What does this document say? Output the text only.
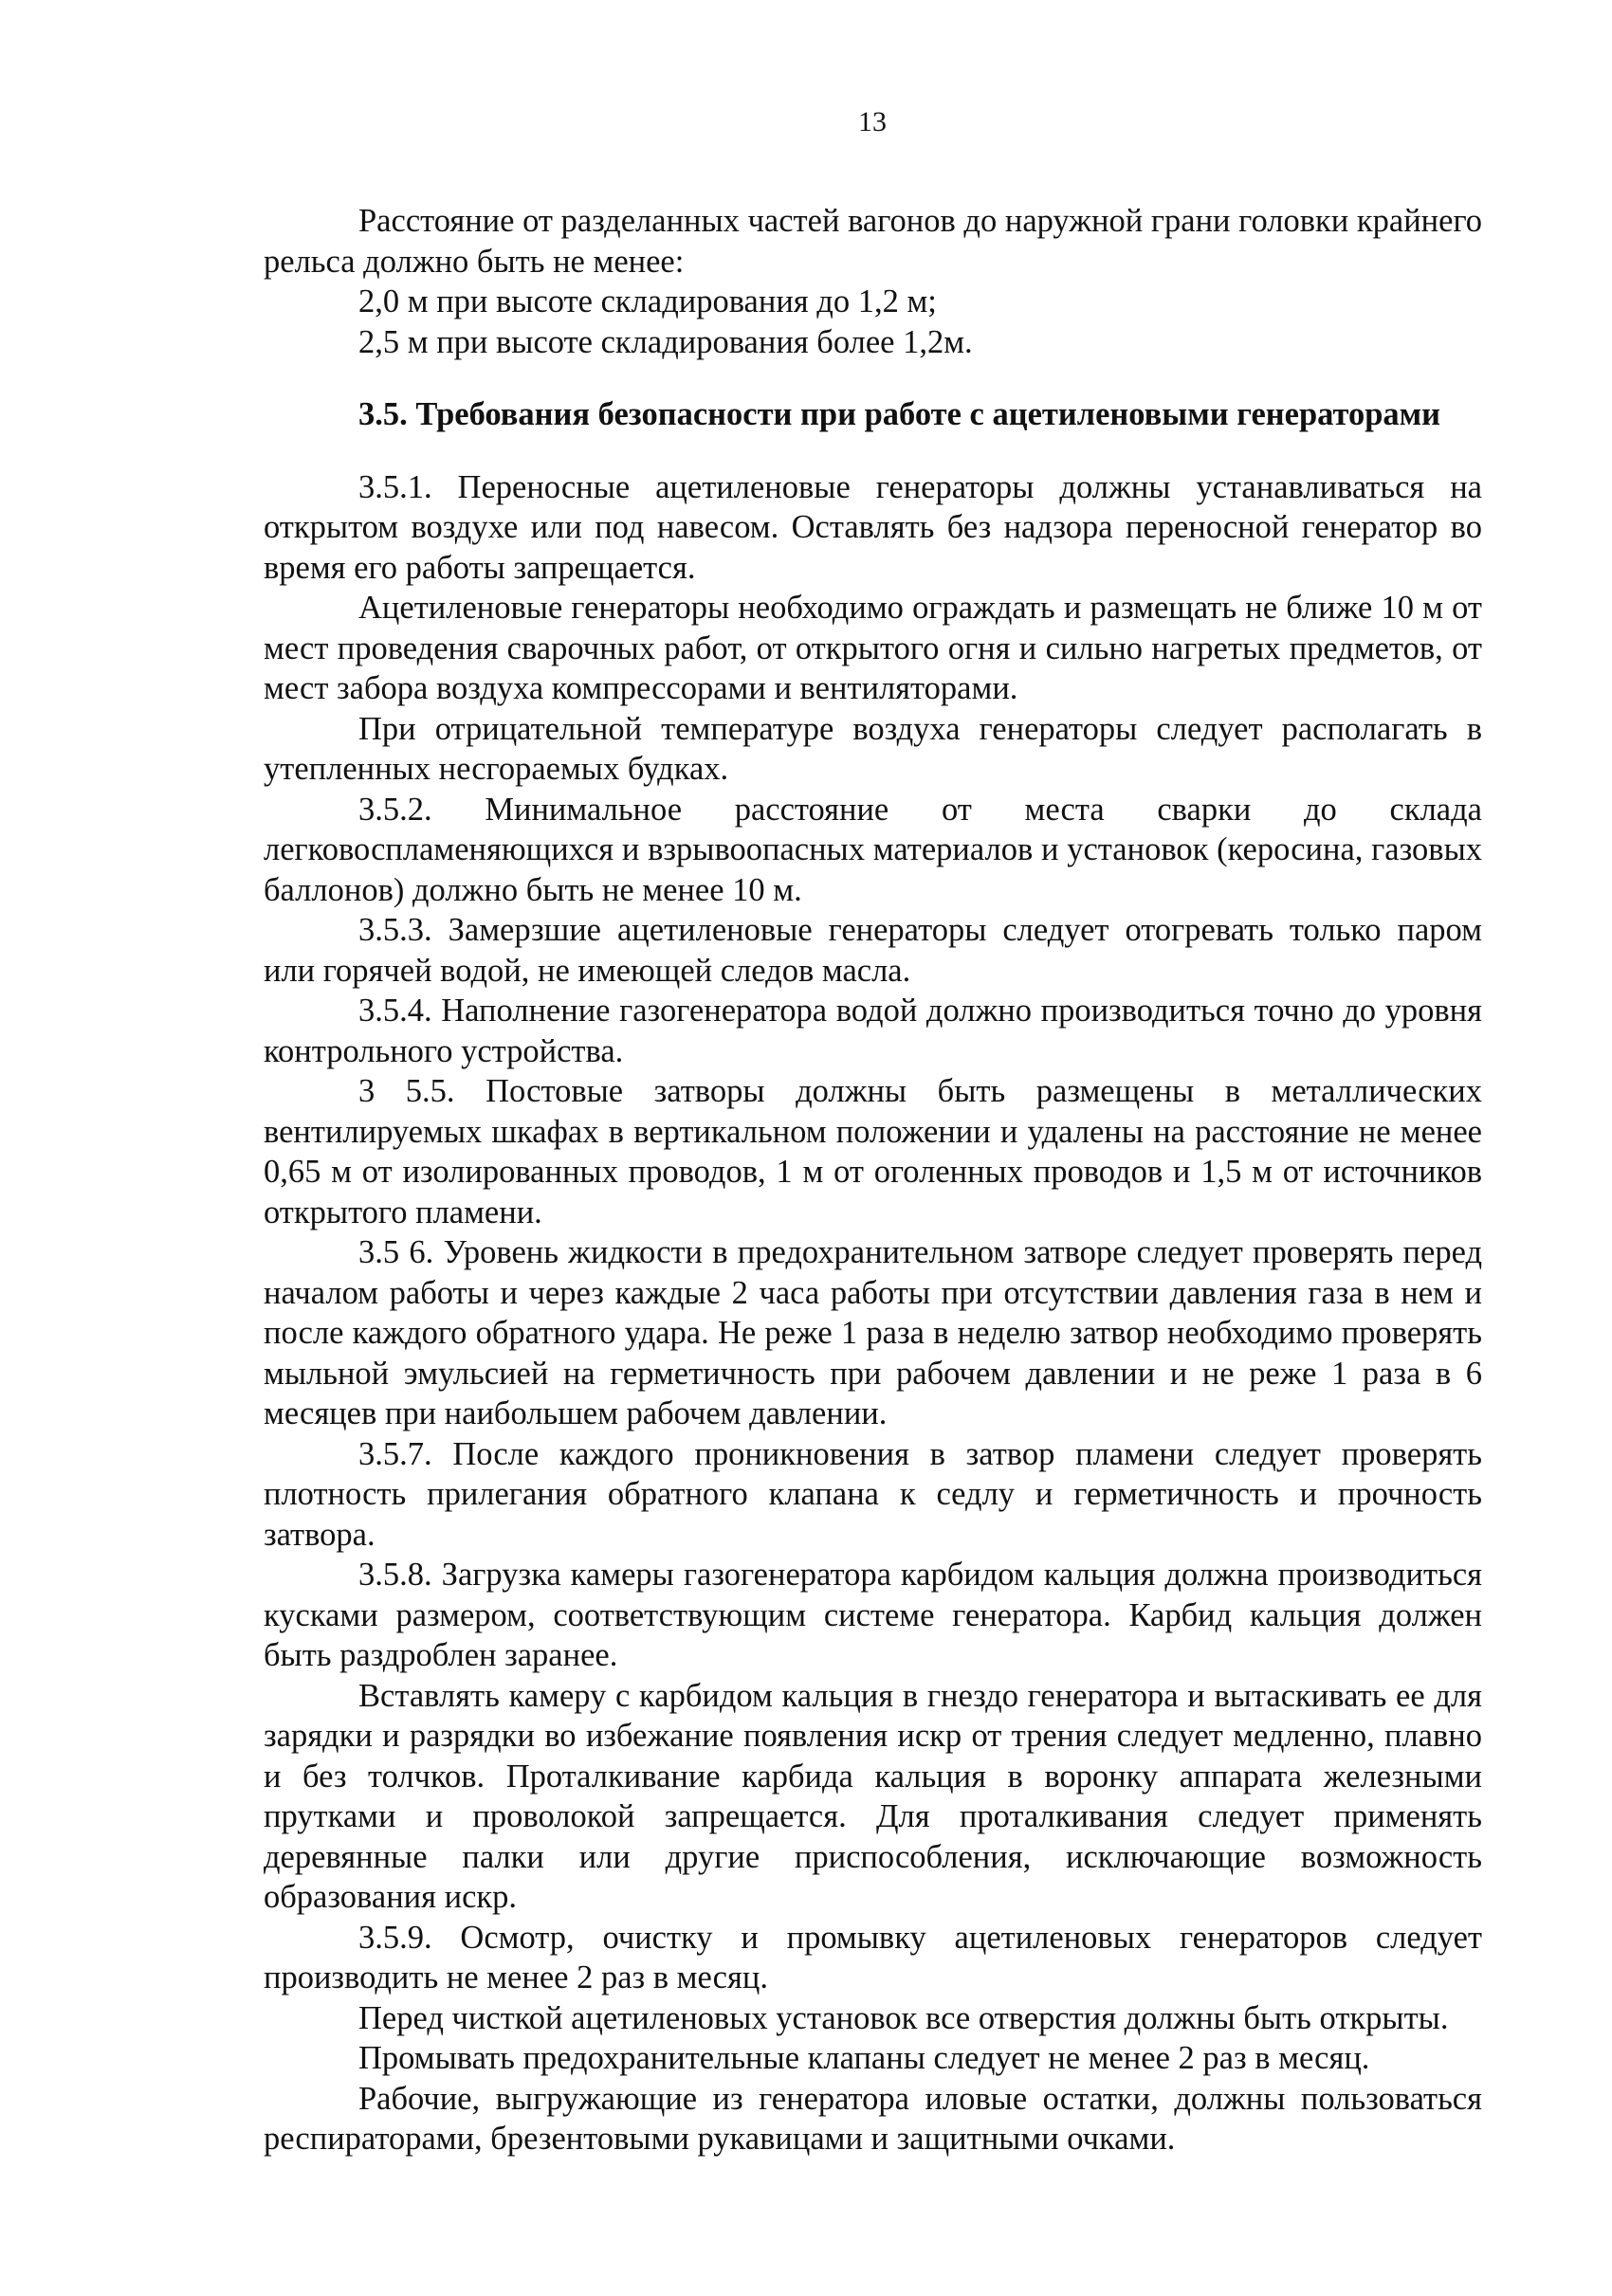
13

Расстояние от разделанных частей вагонов до наружной грани головки крайнего рельса должно быть не менее:

2,0 м при высоте складирования до 1,2 м;

2,5 м при высоте складирования более 1,2м.

3.5. Требования безопасности при работе с ацетиленовыми генераторами

3.5.1. Переносные ацетиленовые генераторы должны устанавливаться на открытом воздухе или под навесом. Оставлять без надзора переносной генератор во время его работы запрещается.

Ацетиленовые генераторы необходимо ограждать и размещать не ближе 10 м от мест проведения сварочных работ, от открытого огня и сильно нагретых предметов, от мест забора воздуха компрессорами и вентиляторами.

При отрицательной температуре воздуха генераторы следует располагать в утепленных несгораемых будках.

3.5.2. Минимальное расстояние от места сварки до склада легковоспламеняющихся и взрывоопасных материалов и установок (керосина, газовых баллонов) должно быть не менее 10 м.

3.5.3. Замерзшие ацетиленовые генераторы следует отогревать только паром или горячей водой, не имеющей следов масла.

3.5.4. Наполнение газогенератора водой должно производиться точно до уровня контрольного устройства.

3 5.5. Постовые затворы должны быть размещены в металлических вентилируемых шкафах в вертикальном положении и удалены на расстояние не менее 0,65 м от изолированных проводов, 1 м от оголенных проводов и 1,5 м от источников открытого пламени.

3.5 6. Уровень жидкости в предохранительном затворе следует проверять перед началом работы и через каждые 2 часа работы при отсутствии давления газа в нем и после каждого обратного удара. Не реже 1 раза в неделю затвор необходимо проверять мыльной эмульсией на герметичность при рабочем давлении и не реже 1 раза в 6 месяцев при наибольшем рабочем давлении.

3.5.7. После каждого проникновения в затвор пламени следует проверять плотность прилегания обратного клапана к седлу и герметичность и прочность затвора.

3.5.8. Загрузка камеры газогенератора карбидом кальция должна производиться кусками размером, соответствующим системе генератора. Карбид кальция должен быть раздроблен заранее.

Вставлять камеру с карбидом кальция в гнездо генератора и вытаскивать ее для зарядки и разрядки во избежание появления искр от трения следует медленно, плавно и без толчков. Проталкивание карбида кальция в воронку аппарата железными прутками и проволокой запрещается. Для проталкивания следует применять деревянные палки или другие приспособления, исключающие возможность образования искр.

3.5.9. Осмотр, очистку и промывку ацетиленовых генераторов следует производить не менее 2 раз в месяц.

Перед чисткой ацетиленовых установок все отверстия должны быть открыты.

Промывать предохранительные клапаны следует не менее 2 раз в месяц.

Рабочие, выгружающие из генератора иловые остатки, должны пользоваться респираторами, брезентовыми рукавицами и защитными очками.
